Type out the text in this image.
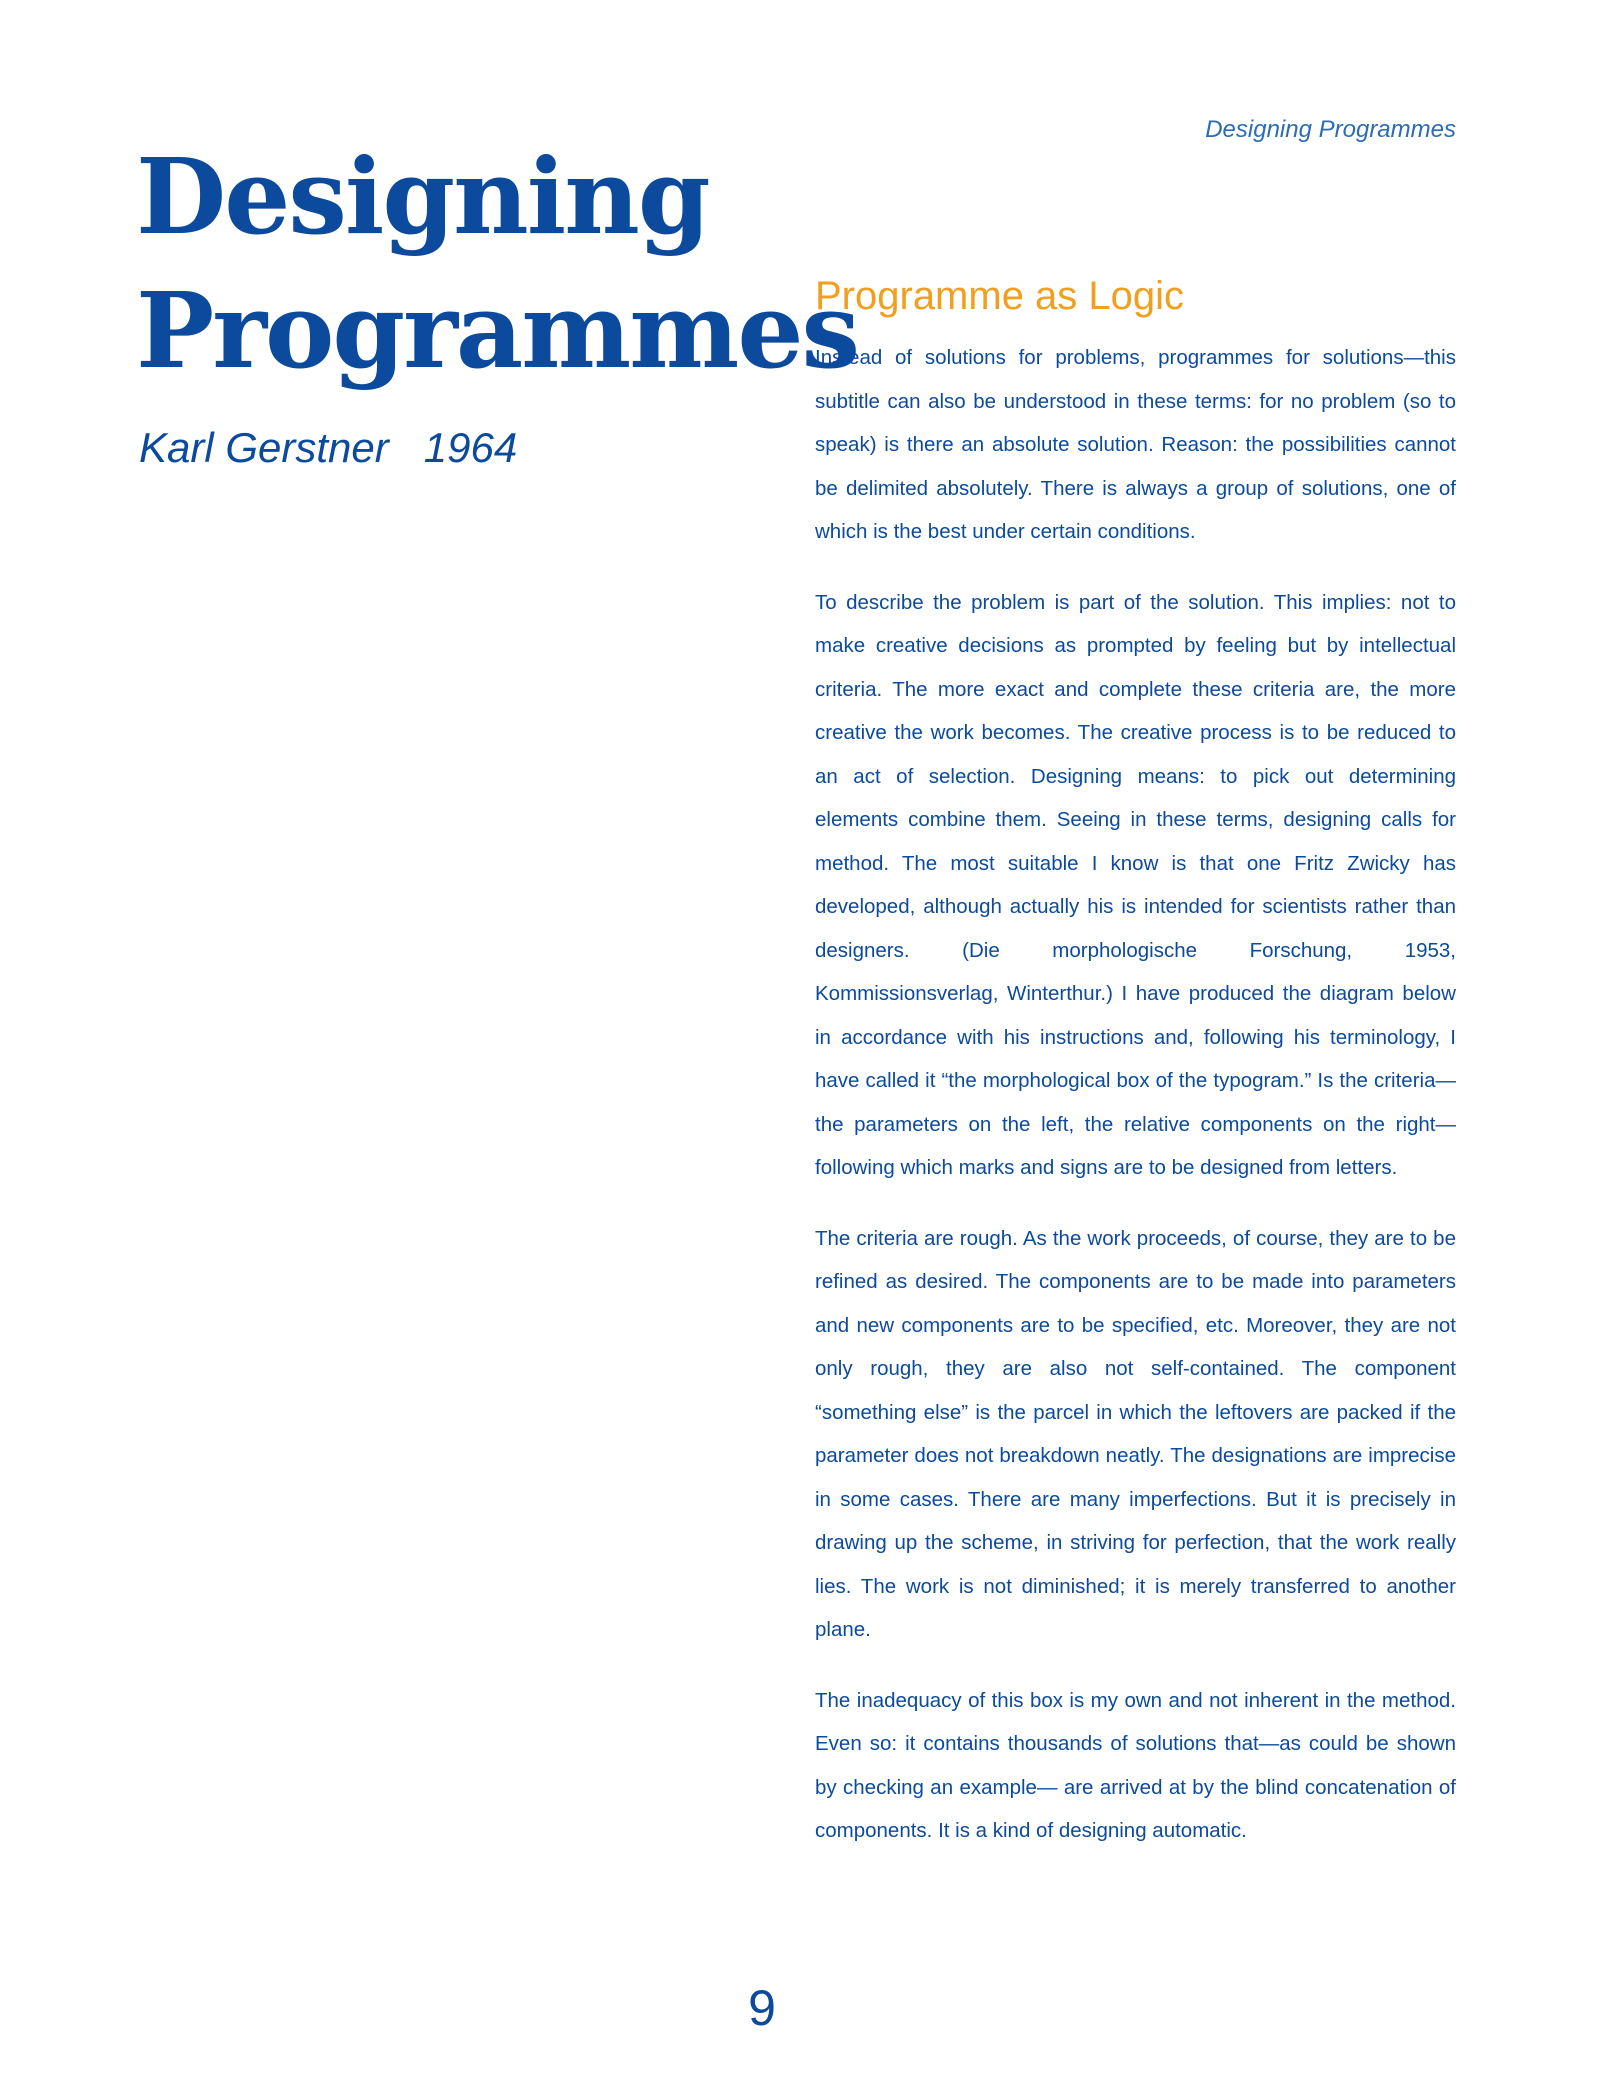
Designing Programmes
Designing
Programmes
Karl Gerstner   1964
Programme as Logic

Instead of solutions for problems, programmes for solutions—this subtitle can also be understood in these terms: for no problem (so to speak) is there an absolute solution. Reason: the possibilities cannot be delimited absolutely. There is always a group of solutions, one of which is the best under certain conditions.

To describe the problem is part of the solution. This implies: not to make creative decisions as prompted by feeling but by intellectual criteria. The more exact and complete these criteria are, the more creative the work becomes. The creative process is to be reduced to an act of selection. Designing means: to pick out determining elements combine them. Seeing in these terms, designing calls for method. The most suitable I know is that one Fritz Zwicky has developed, although actually his is intended for scientists rather than designers. (Die morphologische Forschung, 1953, Kommissionsverlag, Winterthur.) I have produced the diagram below in accordance with his instructions and, following his terminology, I have called it “the morphological box of the typogram.” Is the criteria—the parameters on the left, the relative components on the right—following which marks and signs are to be designed from letters.

The criteria are rough. As the work proceeds, of course, they are to be refined as desired. The components are to be made into parameters and new components are to be specified, etc. Moreover, they are not only rough, they are also not self-contained. The component “something else” is the parcel in which the leftovers are packed if the parameter does not breakdown neatly. The designations are imprecise in some cases. There are many imperfections. But it is precisely in drawing up the scheme, in striving for perfection, that the work really lies. The work is not diminished; it is merely transferred to another plane.

The inadequacy of this box is my own and not inherent in the method. Even so: it contains thousands of solutions that—as could be shown by checking an example— are arrived at by the blind concatenation of components. It is a kind of designing automatic.

9
